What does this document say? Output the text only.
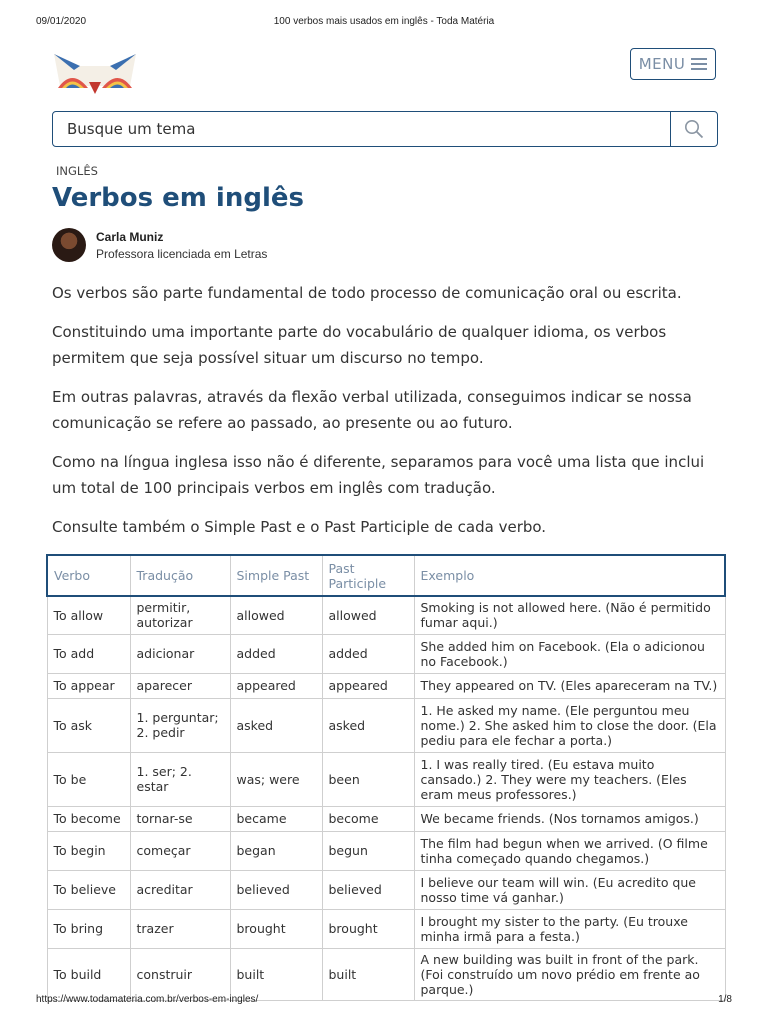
09/01/2020	100 verbos mais usados em inglês - Toda Matéria
MENU
Busque um tema
INGLÊS
Verbos em inglês
Carla Muniz
Professora licenciada em Letras

Os verbos são parte fundamental de todo processo de comunicação oral ou escrita.

Constituindo uma importante parte do vocabulário de qualquer idioma, os verbos permitem que seja possível situar um discurso no tempo.

Em outras palavras, através da flexão verbal utilizada, conseguimos indicar se nossa comunicação se refere ao passado, ao presente ou ao futuro.

Como na língua inglesa isso não é diferente, separamos para você uma lista que inclui um total de 100 principais verbos em inglês com tradução.

Consulte também o Simple Past e o Past Participle de cada verbo.

Verbo	Tradução	Simple Past	Past Participle	Exemplo
To allow	permitir, autorizar	allowed	allowed	Smoking is not allowed here. (Não é permitido fumar aqui.)
To add	adicionar	added	added	She added him on Facebook. (Ela o adicionou no Facebook.)
To appear	aparecer	appeared	appeared	They appeared on TV. (Eles apareceram na TV.)
To ask	1. perguntar; 2. pedir	asked	asked	1. He asked my name. (Ele perguntou meu nome.) 2. She asked him to close the door. (Ela pediu para ele fechar a porta.)
To be	1. ser; 2. estar	was; were	been	1. I was really tired. (Eu estava muito cansado.) 2. They were my teachers. (Eles eram meus professores.)
To become	tornar-se	became	become	We became friends. (Nos tornamos amigos.)
To begin	começar	began	begun	The film had begun when we arrived. (O filme tinha começado quando chegamos.)
To believe	acreditar	believed	believed	I believe our team will win. (Eu acredito que nosso time vá ganhar.)
To bring	trazer	brought	brought	I brought my sister to the party. (Eu trouxe minha irmã para a festa.)
To build	construir	built	built	A new building was built in front of the park. (Foi construído um novo prédio em frente ao parque.)
https://www.todamateria.com.br/verbos-em-ingles/	1/8
